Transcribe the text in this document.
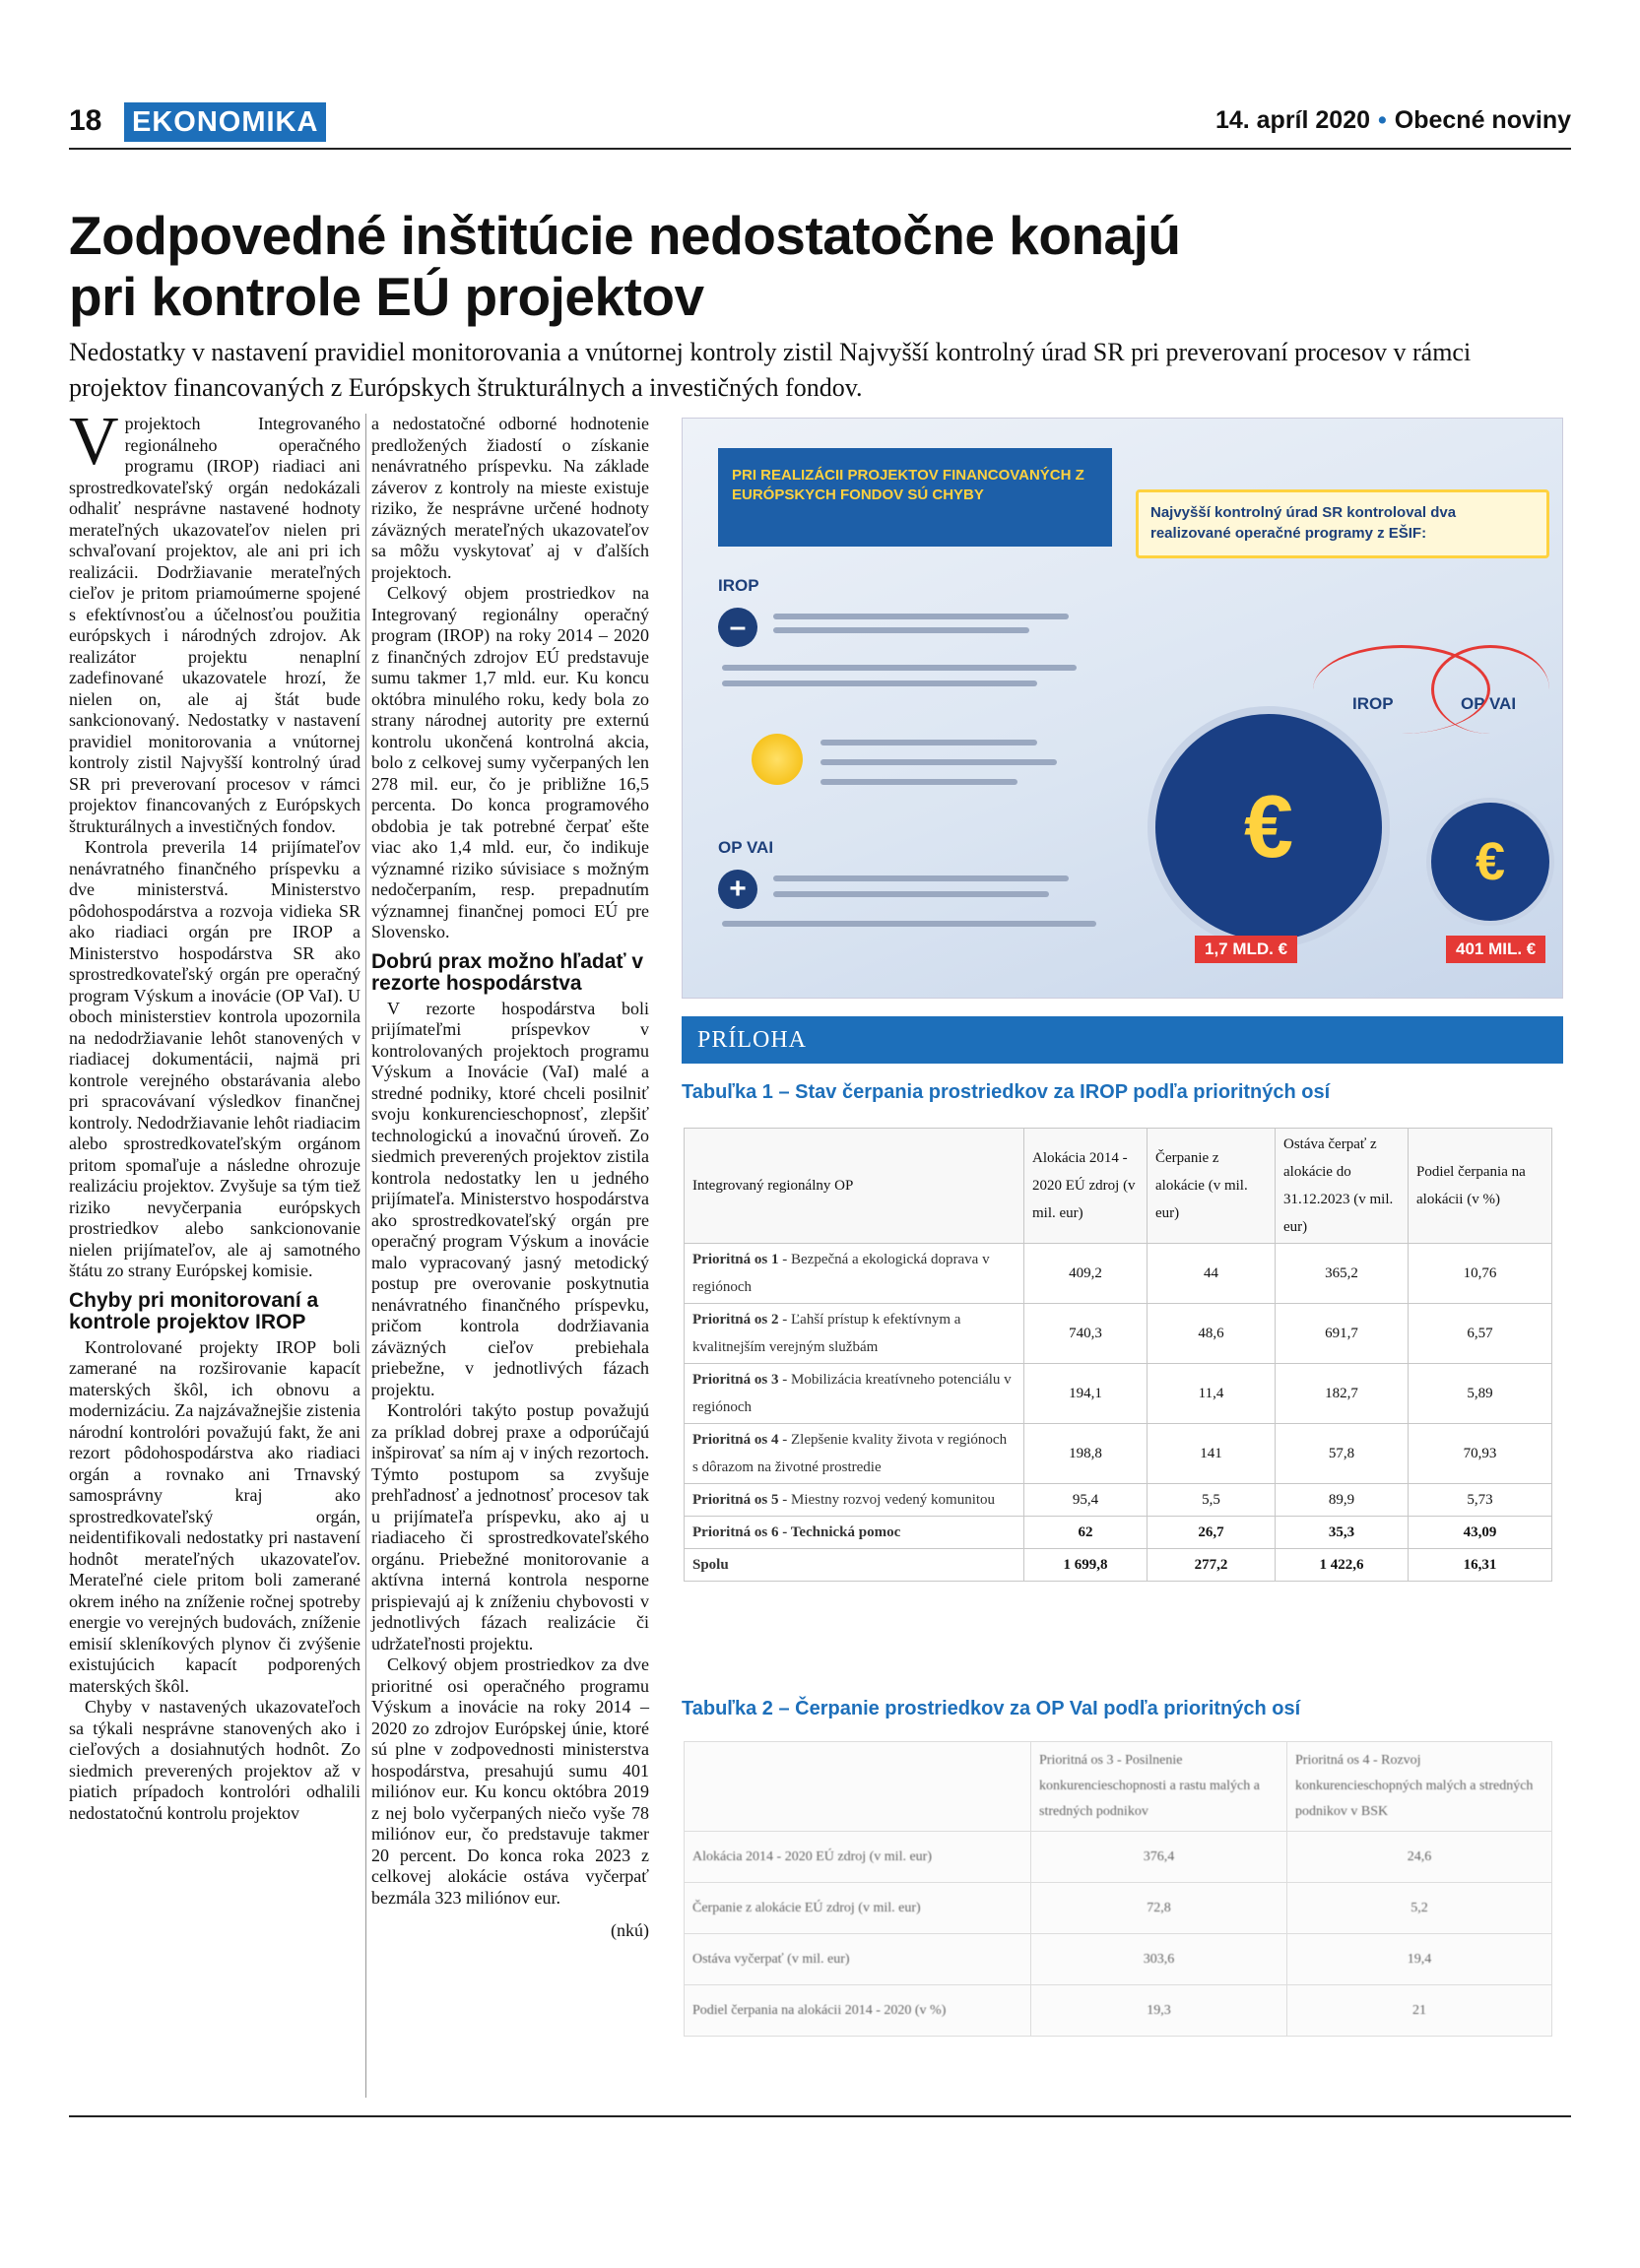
18 EKONOMIKA	14. apríl 2020 • Obecné noviny
Zodpovedné inštitúcie nedostatočne konajú
pri kontrole EÚ projektov

Nedostatky v nastavení pravidiel monitorovania a vnútornej kontroly zistil Najvyšší kontrolný úrad SR pri preverovaní procesov v rámci projektov financovaných z Európskych štrukturálnych a investičných fondov.

V projektoch Integrovaného regionálneho operačného programu (IROP) riadiaci ani sprostredkovateľský orgán nedokázali odhaliť nesprávne nastavené hodnoty merateľných ukazovateľov nielen pri schvaľovaní projektov, ale ani pri ich realizácii. Dodržiavanie merateľných cieľov je pritom priamoúmerne spojené s efektívnosťou a účelnosťou použitia európskych i národných zdrojov. Ak realizátor projektu nenaplní zadefinované ukazovatele hrozí, že nielen on, ale aj štát bude sankcionovaný. Nedostatky v nastavení pravidiel monitorovania a vnútornej kontroly zistil Najvyšší kontrolný úrad SR pri preverovaní procesov v rámci projektov financovaných z Európskych štrukturálnych a investičných fondov.

Kontrola preverila 14 prijímateľov nenávratného finančného príspevku a dve ministerstvá. Ministerstvo pôdohospodárstva a rozvoja vidieka SR ako riadiaci orgán pre IROP a Ministerstvo hospodárstva SR ako sprostredkovateľský orgán pre operačný program Výskum a inovácie (OP VaI). U oboch ministerstiev kontrola upozornila na nedodržiavanie lehôt stanovených v riadiacej dokumentácii, najmä pri kontrole verejného obstarávania alebo pri spracovávaní výsledkov finančnej kontroly. Nedodržiavanie lehôt riadiacim alebo sprostredkovateľským orgánom pritom spomaľuje a následne ohrozuje realizáciu projektov. Zvyšuje sa tým tiež riziko nevyčerpania európskych prostriedkov alebo sankcionovanie nielen prijímateľov, ale aj samotného štátu zo strany Európskej komisie.

Chyby pri monitorovaní a kontrole projektov IROP

Kontrolované projekty IROP boli zamerané na rozširovanie kapacít materských škôl, ich obnovu a modernizáciu. Za najzávažnejšie zistenia národní kontrolóri považujú fakt, že ani rezort pôdohospodárstva ako riadiaci orgán a rovnako ani Trnavský samosprávny kraj ako sprostredkovateľský orgán, neidentifikovali nedostatky pri nastavení hodnôt merateľných ukazovateľov. Merateľné ciele pritom boli zamerané okrem iného na zníženie ročnej spotreby energie vo verejných budovách, zníženie emisií skleníkových plynov či zvýšenie existujúcich kapacít podporených materských škôl.

Chyby v nastavených ukazovateľoch sa týkali nesprávne stanovených ako i cieľových a dosiahnutých hodnôt. Zo siedmich preverených projektov až v piatich prípadoch kontrolóri odhalili nedostatočnú kontrolu projektov

a nedostatočné odborné hodnotenie predložených žiadostí o získanie nenávratného príspevku. Na základe záverov z kontroly na mieste existuje riziko, že nesprávne určené hodnoty záväzných merateľných ukazovateľov sa môžu vyskytovať aj v ďalších projektoch.

Celkový objem prostriedkov na Integrovaný regionálny operačný program (IROP) na roky 2014 – 2020 z finančných zdrojov EÚ predstavuje sumu takmer 1,7 mld. eur. Ku koncu októbra minulého roku, kedy bola zo strany národnej autority pre externú kontrolu ukončená kontrolná akcia, bolo z celkovej sumy vyčerpaných len 278 mil. eur, čo je približne 16,5 percenta. Do konca programového obdobia je tak potrebné čerpať ešte viac ako 1,4 mld. eur, čo indikuje významné riziko súvisiace s možným nedočerpaním, resp. prepadnutím významnej finančnej pomoci EÚ pre Slovensko.

Dobrú prax možno hľadať v rezorte hospodárstva

V rezorte hospodárstva boli prijímateľmi príspevkov v kontrolovaných projektoch programu Výskum a Inovácie (VaI) malé a stredné podniky, ktoré chceli posilniť svoju konkurencieschopnosť, zlepšiť technologickú a inovačnú úroveň. Zo siedmich preverených projektov zistila kontrola nedostatky len u jedného prijímateľa. Ministerstvo hospodárstva ako sprostredkovateľský orgán pre operačný program Výskum a inovácie malo vypracovaný jasný metodický postup pre overovanie poskytnutia nenávratného finančného príspevku, pričom kontrola dodržiavania záväzných cieľov prebiehala priebežne, v jednotlivých fázach projektu.

Kontrolóri takýto postup považujú za príklad dobrej praxe a odporúčajú inšpirovať sa ním aj v iných rezortoch. Týmto postupom sa zvyšuje prehľadnosť a jednotnosť procesov tak u prijímateľa príspevku, ako aj u riadiaceho či sprostredkovateľského orgánu. Priebežné monitorovanie a aktívna interná kontrola nesporne prispievajú aj k zníženiu chybovosti v jednotlivých fázach realizácie či udržateľnosti projektu.

Celkový objem prostriedkov za dve prioritné osi operačného programu Výskum a inovácie na roky 2014 – 2020 zo zdrojov Európskej únie, ktoré sú plne v zodpovednosti ministerstva hospodárstva, presahujú sumu 401 miliónov eur. Ku koncu októbra 2019 z nej bolo vyčerpaných niečo vyše 78 miliónov eur, čo predstavuje takmer 20 percent. Do konca roka 2023 z celkovej alokácie ostáva vyčerpať bezmála 323 miliónov eur.

(nkú)
PRI REALIZÁCII PROJEKTOV FINANCOVANÝCH Z EURÓPSKYCH FONDOV SÚ CHYBY
Najvyšší kontrolný úrad SR kontroloval dva realizované operačné programy z EŠIF:
IROP
–
OP VAI
+
IROP	OP VAI
€	€
1,7 MLD. €	401 MIL. €
PRÍLOHA
Tabuľka 1 – Stav čerpania prostriedkov za IROP podľa prioritných osí
Integrovaný regionálny OP	Alokácia 2014 - 2020 EÚ zdroj (v mil. eur)	Čerpanie z alokácie (v mil. eur)	Ostáva čerpať z alokácie do 31.12.2023 (v mil. eur)	Podiel čerpania na alokácii (v %)
Prioritná os 1 - Bezpečná a ekologická doprava v regiónoch	409,2	44	365,2	10,76
Prioritná os 2 - Ľahší prístup k efektívnym a kvalitnejším verejným službám	740,3	48,6	691,7	6,57
Prioritná os 3 - Mobilizácia kreatívneho potenciálu v regiónoch	194,1	11,4	182,7	5,89
Prioritná os 4 - Zlepšenie kvality života v regiónoch s dôrazom na životné prostredie	198,8	141	57,8	70,93
Prioritná os 5 - Miestny rozvoj vedený komunitou	95,4	5,5	89,9	5,73
Prioritná os 6 - Technická pomoc	62	26,7	35,3	43,09
Spolu	1 699,8	277,2	1 422,6	16,31
Tabuľka 2 – Čerpanie prostriedkov za OP VaI podľa prioritných osí
	Prioritná os 3 - Posilnenie konkurencieschopnosti a rastu malých a stredných podnikov	Prioritná os 4 - Rozvoj konkurencieschopných malých a stredných podnikov v BSK
Alokácia 2014 - 2020 EÚ zdroj (v mil. eur)	376,4	24,6
Čerpanie z alokácie EÚ zdroj (v mil. eur)	72,8	5,2
Ostáva vyčerpať (v mil. eur)	303,6	19,4
Podiel čerpania na alokácii 2014 - 2020 (v %)	19,3	21
